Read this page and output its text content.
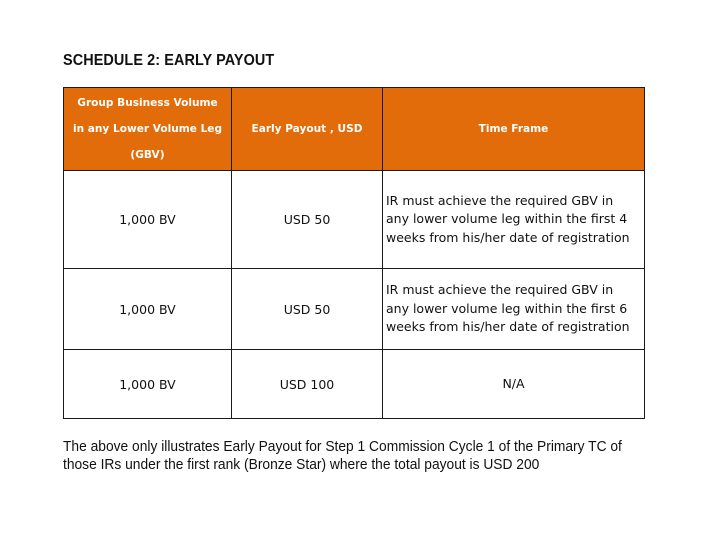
SCHEDULE 2: EARLY PAYOUT
Group Business Volume
in any Lower Volume Leg
(GBV)	Early Payout , USD	Time Frame

1,000 BV	USD 50	IR must achieve the required GBV in
any lower volume leg within the first 4
weeks from his/her date of registration

1,000 BV	USD 50	IR must achieve the required GBV in
any lower volume leg within the first 6
weeks from his/her date of registration

1,000 BV	USD 100	N/A
The above only illustrates Early Payout for Step 1 Commission Cycle 1 of the Primary TC of
those IRs under the first rank (Bronze Star) where the total payout is USD 200
